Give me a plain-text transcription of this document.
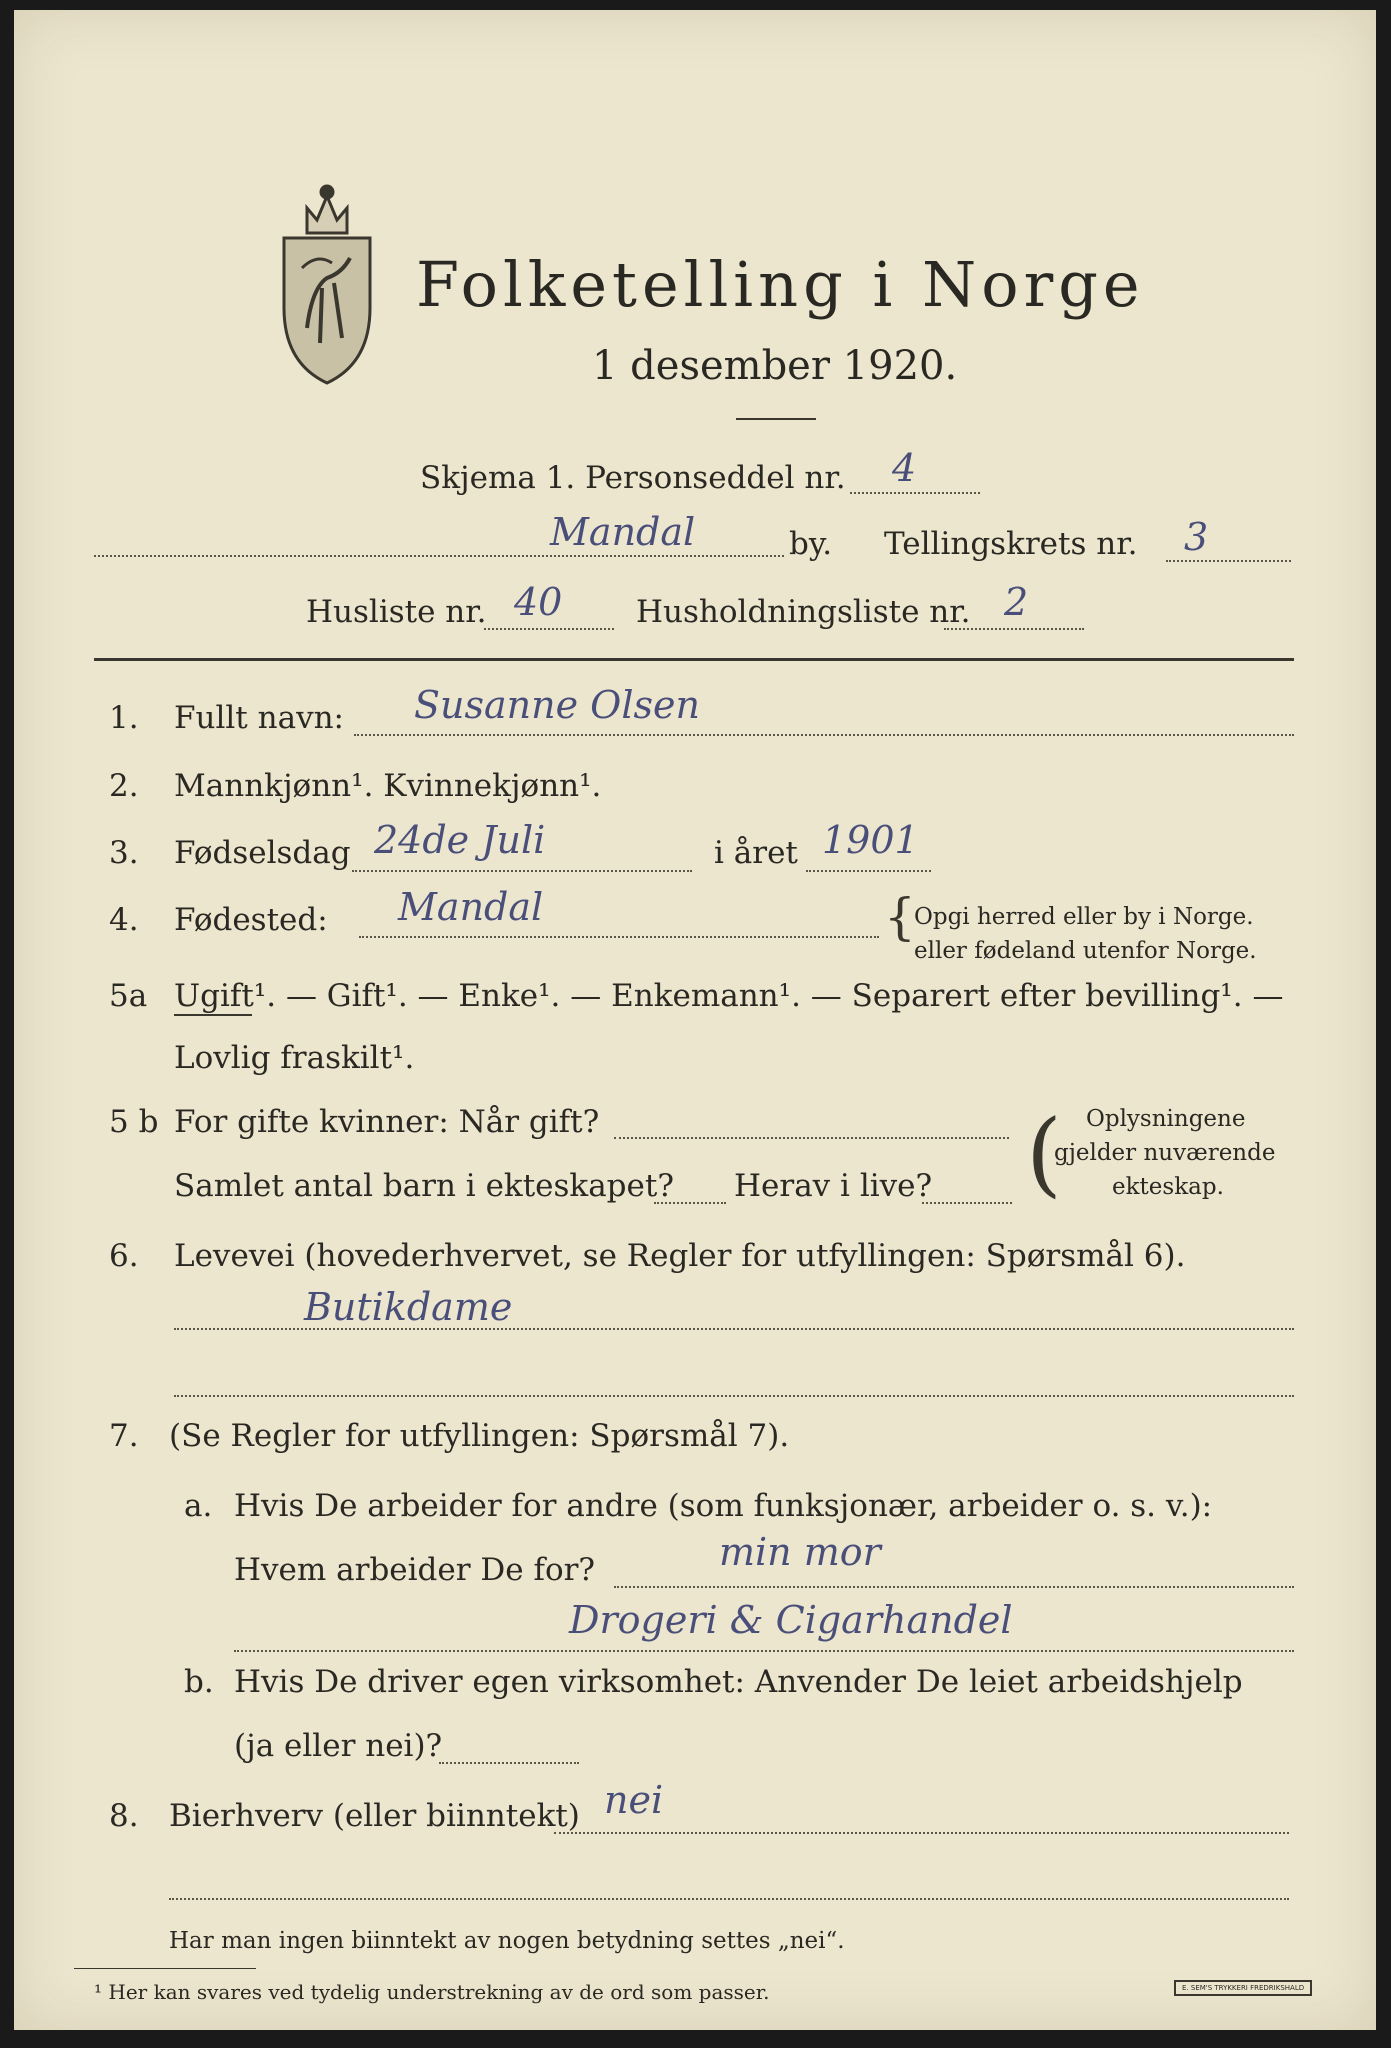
Folketelling i Norge
1 desember 1920.
Skjema 1. Personseddel nr. 4
Mandal	by. Tellingskrets nr. 3
Husliste nr. 40 Husholdningsliste nr. 2
1. Fullt navn: Susanne Olsen
2. Mannkjønn¹. Kvinnekjønn¹.
3. Fødselsdag 24de Juli	i året 1901
4. Fødested: Mandal	{
Opgi herred eller by i Norge.
eller fødeland utenfor Norge.
5a Ugift¹. — Gift¹. — Enke¹. — Enkemann¹. — Separert efter bevilling¹. —
Lovlig fraskilt¹.
5 b For gifte kvinner: Når gift?
Samlet antal barn i ekteskapet? Herav i live? ( Oplysningene
gjelder nuværende
ekteskap.
6. Levevei (hovederhvervet, se Regler for utfyllingen: Spørsmål 6).
Butikdame
7. (Se Regler for utfyllingen: Spørsmål 7).
a. Hvis De arbeider for andre (som funksjonær, arbeider o. s. v.):
Hvem arbeider De for?	min mor
Drogeri & Cigarhandel
b. Hvis De driver egen virksomhet: Anvender De leiet arbeidshjelp
(ja eller nei)?
8. Bierhverv (eller biinntekt) nei
Har man ingen biinntekt av nogen betydning settes „nei“.
¹ Her kan svares ved tydelig understrekning av de ord som passer.	E. SEM'S TRYKKERI FREDRIKSHALD
